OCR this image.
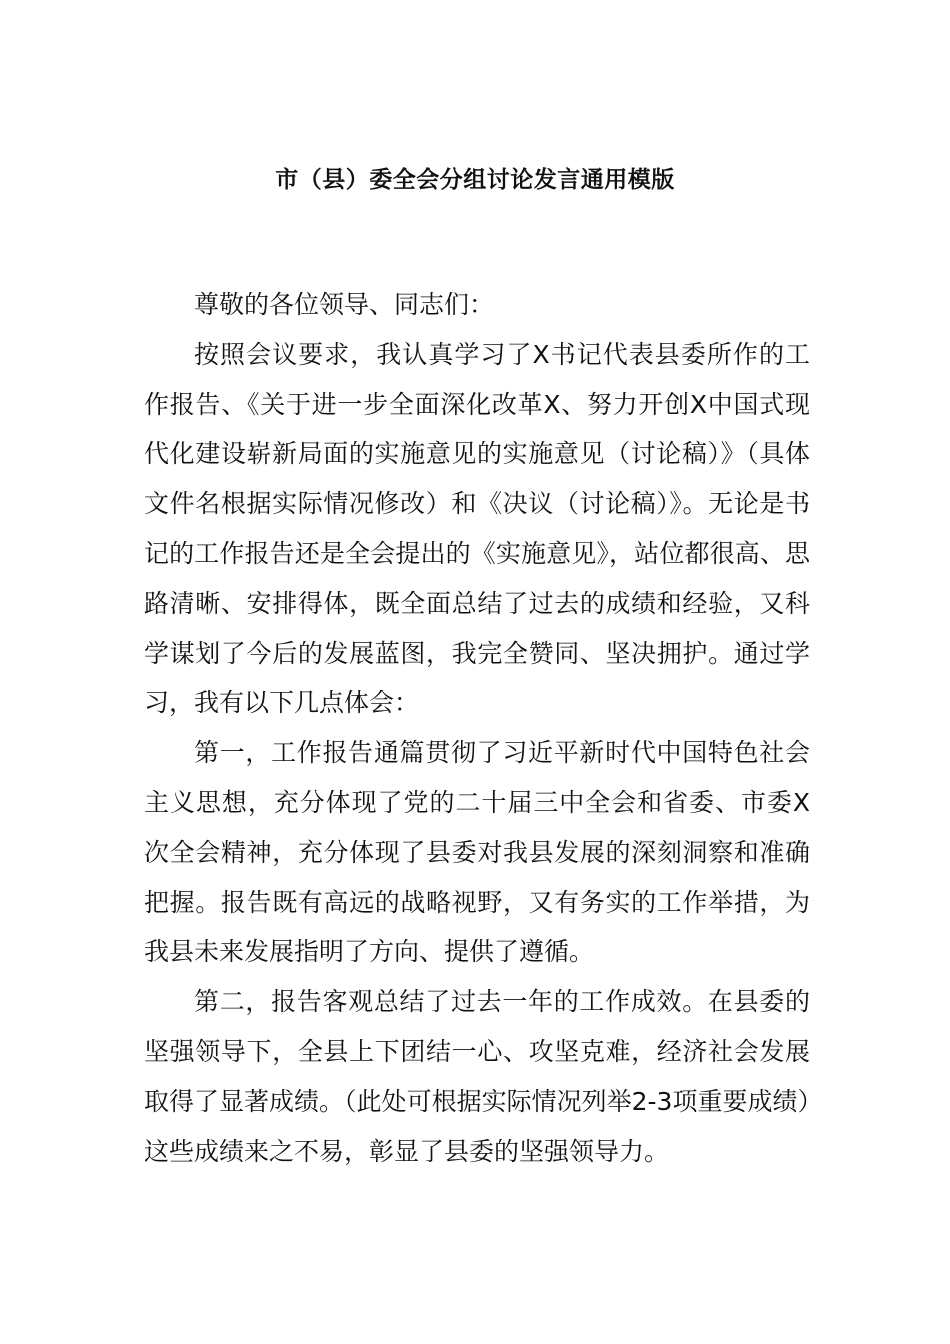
市（县）委全会分组讨论发言通用模版

尊敬的各位领导、同志们：

按照会议要求，我认真学习了X书记代表县委所作的工作报告、《关于进一步全面深化改革X、努力开创X中国式现代化建设崭新局面的实施意见的实施意见（讨论稿）》（具体文件名根据实际情况修改）和《决议（讨论稿）》。无论是书记的工作报告还是全会提出的《实施意见》，站位都很高、思路清晰、安排得体，既全面总结了过去的成绩和经验，又科学谋划了今后的发展蓝图，我完全赞同、坚决拥护。通过学习，我有以下几点体会：

第一，工作报告通篇贯彻了习近平新时代中国特色社会主义思想，充分体现了党的二十届三中全会和省委、市委X次全会精神，充分体现了县委对我县发展的深刻洞察和准确把握。报告既有高远的战略视野，又有务实的工作举措，为我县未来发展指明了方向、提供了遵循。

第二，报告客观总结了过去一年的工作成效。在县委的坚强领导下，全县上下团结一心、攻坚克难，经济社会发展取得了显著成绩。（此处可根据实际情况列举2-3项重要成绩）这些成绩来之不易，彰显了县委的坚强领导力。
